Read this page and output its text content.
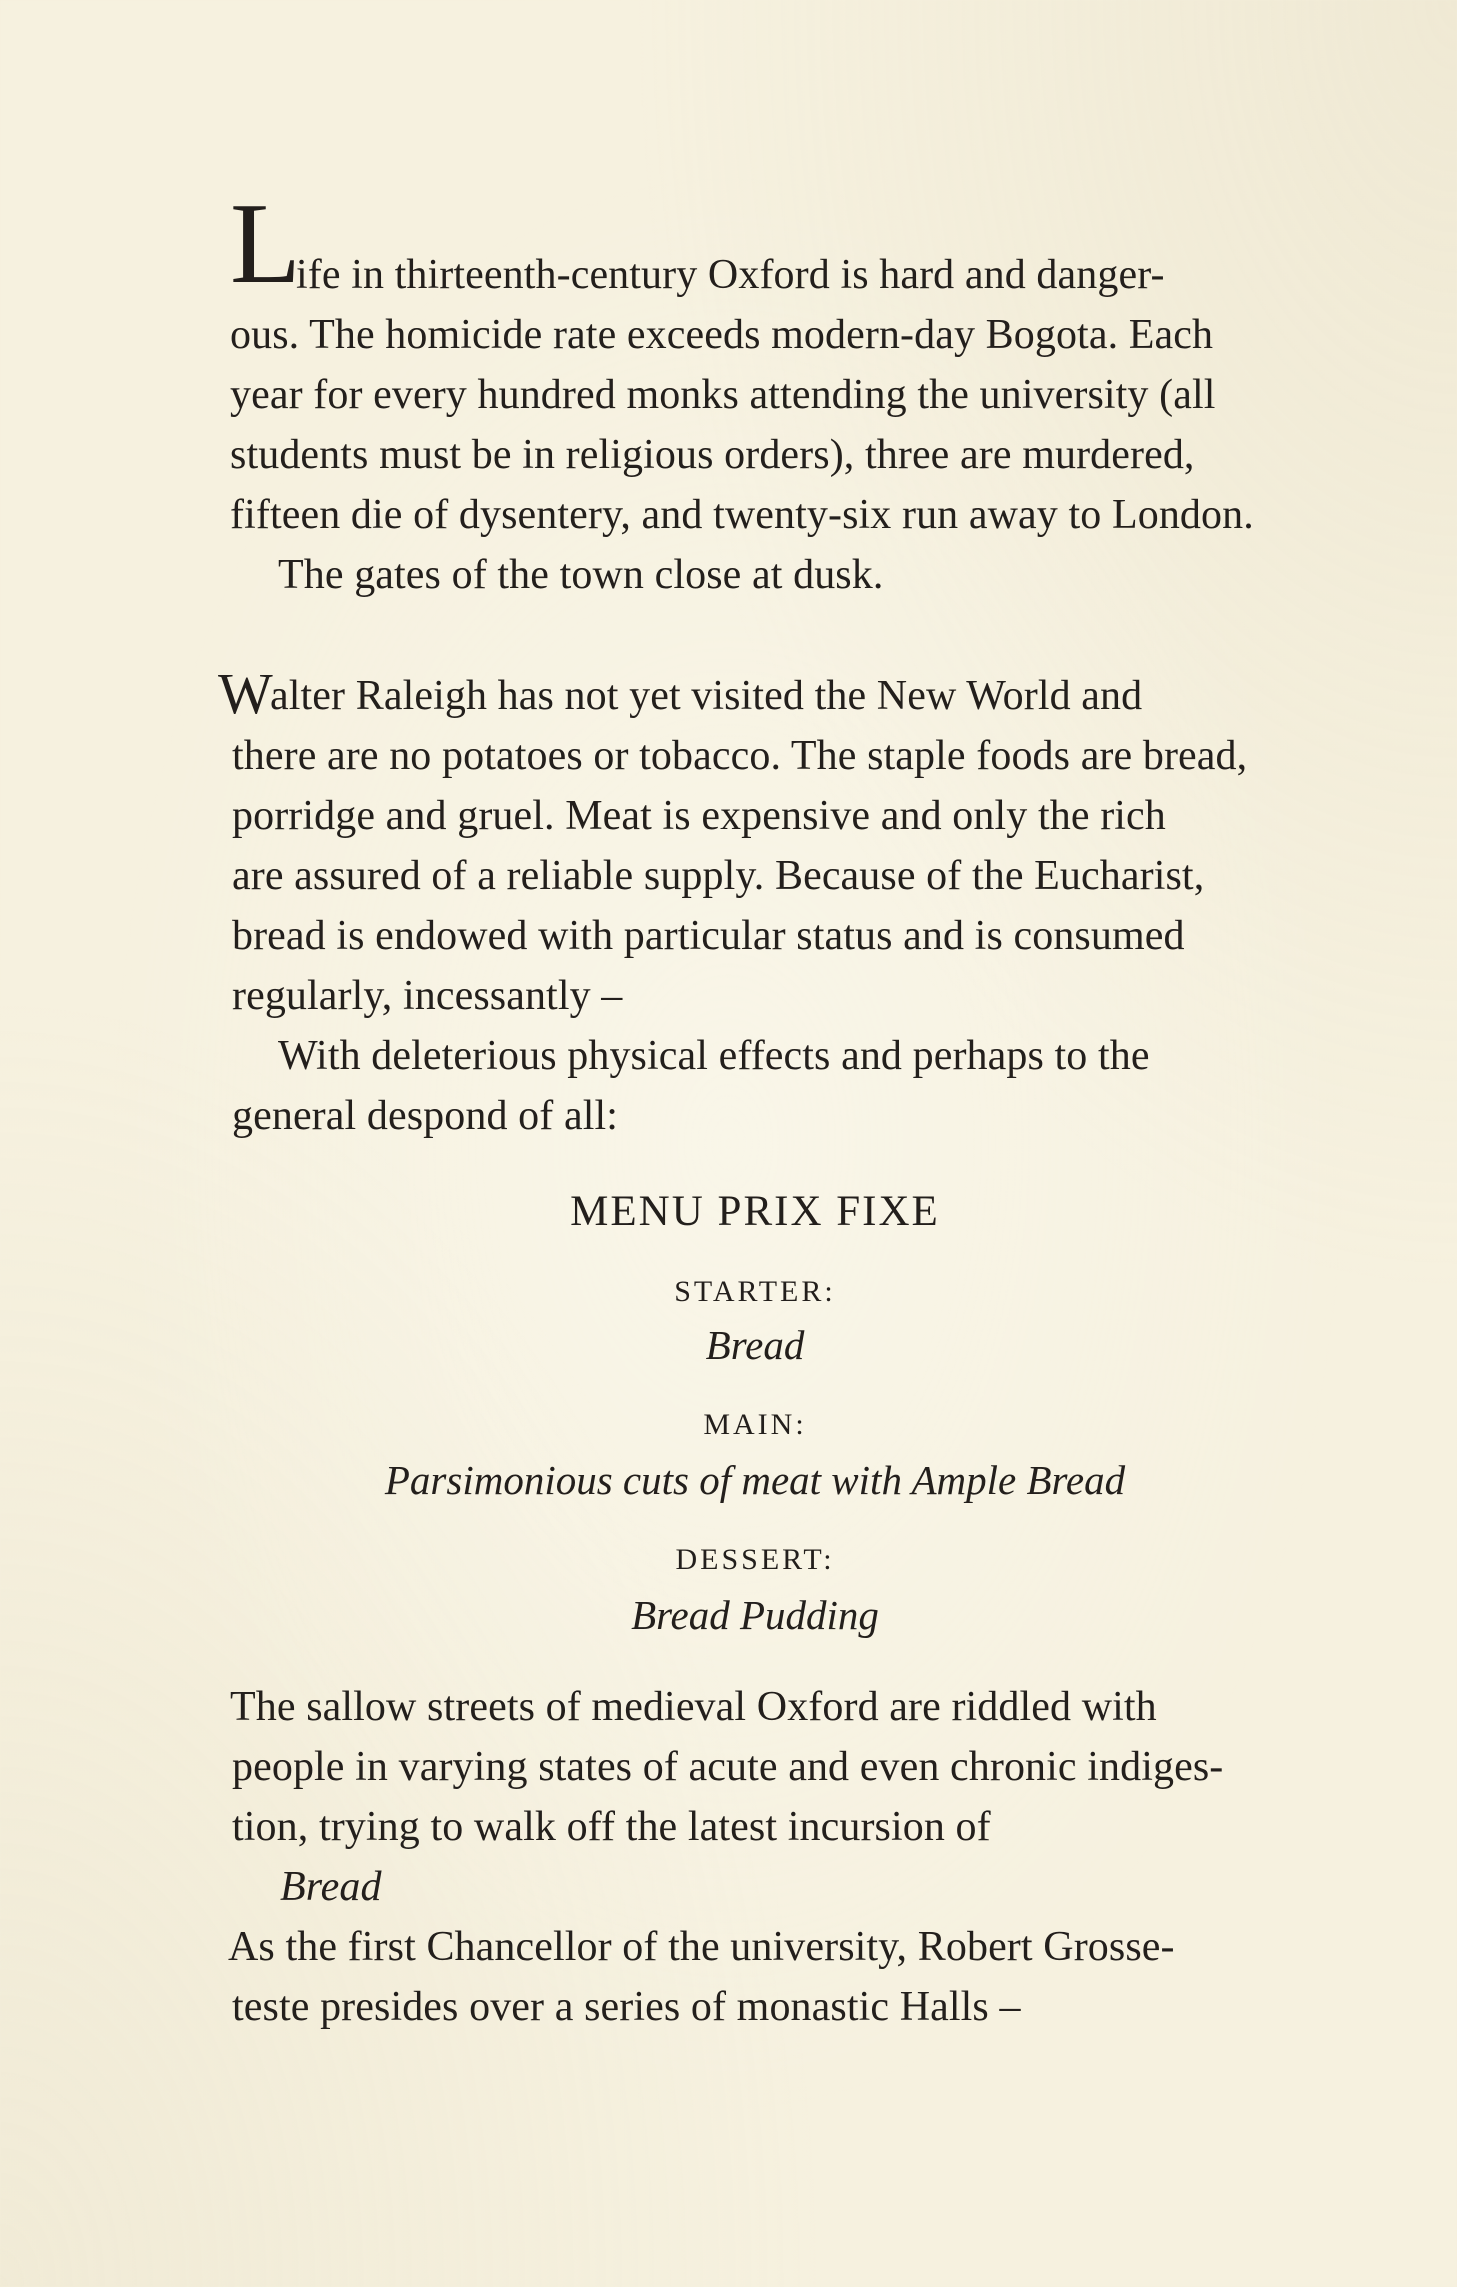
L
ife in thirteenth-century Oxford is hard and danger-
ous. The homicide rate exceeds modern-day Bogota. Each
year for every hundred monks attending the university (all
students must be in religious orders), three are murdered,
fifteen die of dysentery, and twenty-six run away to London.
The gates of the town close at dusk.
W
alter Raleigh has not yet visited the New World and
there are no potatoes or tobacco. The staple foods are bread,
porridge and gruel. Meat is expensive and only the rich
are assured of a reliable supply. Because of the Eucharist,
bread is endowed with particular status and is consumed
regularly, incessantly –
With deleterious physical effects and perhaps to the
general despond of all:
MENU PRIX FIXE
STARTER:
Bread
MAIN:
Parsimonious cuts of meat with Ample Bread
DESSERT:
Bread Pudding
The sallow streets of medieval Oxford are riddled with
people in varying states of acute and even chronic indiges-
tion, trying to walk off the latest incursion of
Bread
As the first Chancellor of the university, Robert Grosse-
teste presides over a series of monastic Halls –
